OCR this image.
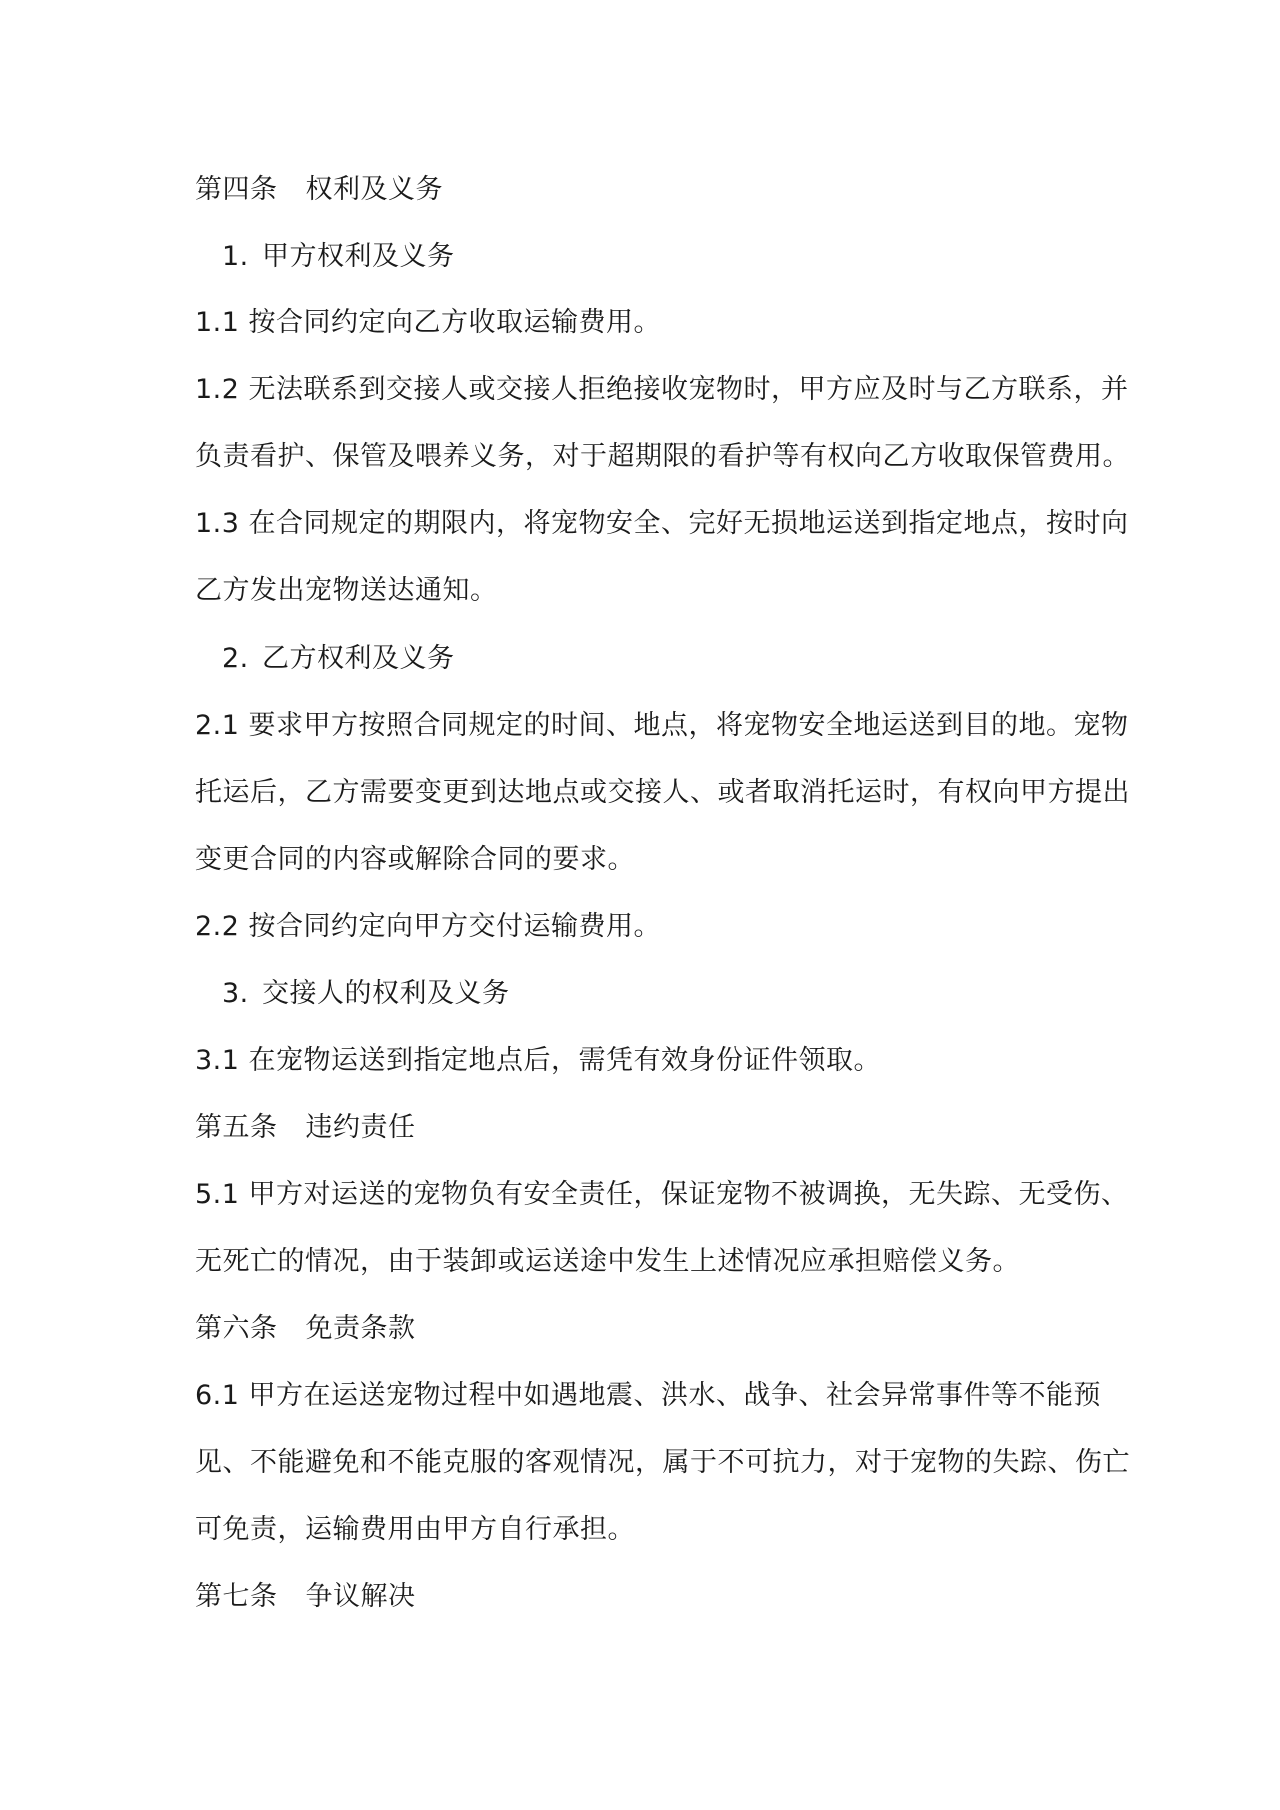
第四条 权利及义务
1. 甲方权利及义务
1.1 按合同约定向乙方收取运输费用。
1.2 无法联系到交接人或交接人拒绝接收宠物时，甲方应及时与乙方联系，并
负责看护、保管及喂养义务，对于超期限的看护等有权向乙方收取保管费用。
1.3 在合同规定的期限内，将宠物安全、完好无损地运送到指定地点，按时向
乙方发出宠物送达通知。
2. 乙方权利及义务
2.1 要求甲方按照合同规定的时间、地点，将宠物安全地运送到目的地。宠物
托运后，乙方需要变更到达地点或交接人、或者取消托运时，有权向甲方提出
变更合同的内容或解除合同的要求。
2.2 按合同约定向甲方交付运输费用。
3. 交接人的权利及义务
3.1 在宠物运送到指定地点后，需凭有效身份证件领取。
第五条 违约责任
5.1 甲方对运送的宠物负有安全责任，保证宠物不被调换，无失踪、无受伤、
无死亡的情况，由于装卸或运送途中发生上述情况应承担赔偿义务。
第六条 免责条款
6.1 甲方在运送宠物过程中如遇地震、洪水、战争、社会异常事件等不能预
见、不能避免和不能克服的客观情况，属于不可抗力，对于宠物的失踪、伤亡
可免责，运输费用由甲方自行承担。
第七条 争议解决
